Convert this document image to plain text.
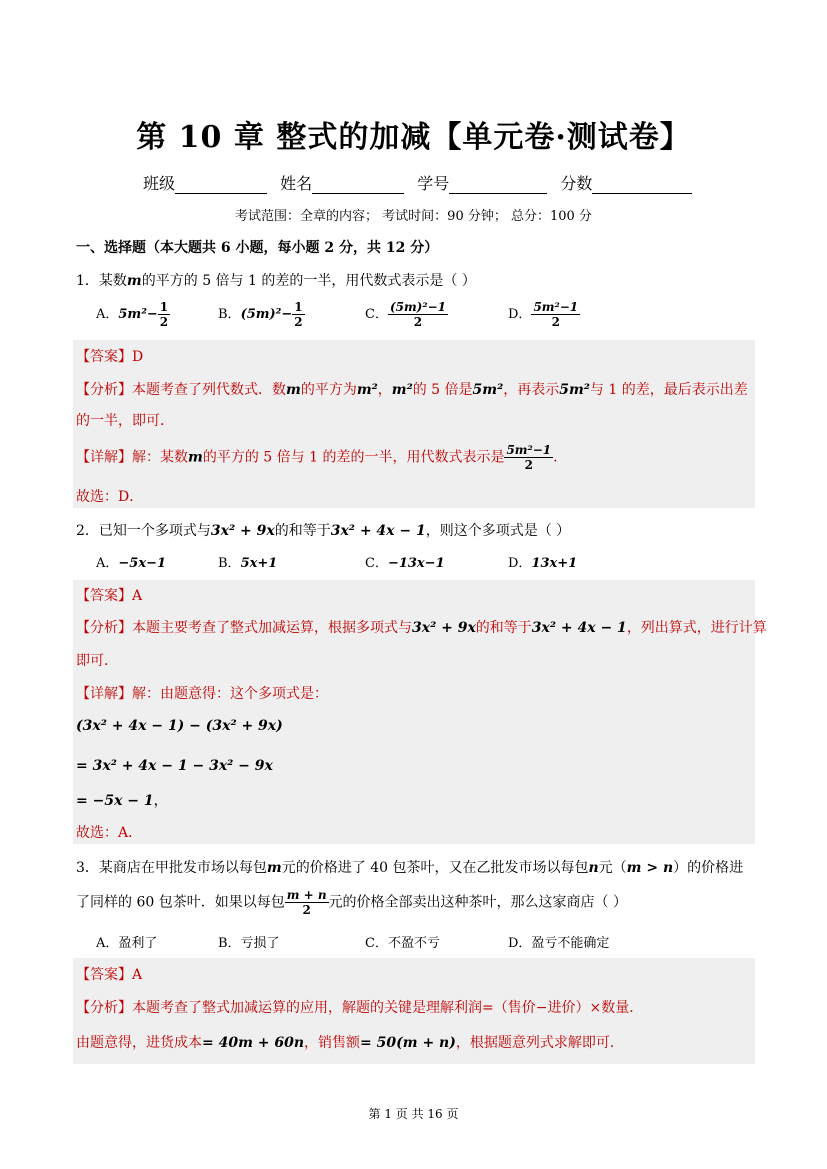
第 10 章 整式的加减【单元卷·测试卷】
班级	姓名	学号	分数
考试范围：全章的内容； 考试时间：90 分钟； 总分：100 分
一、选择题（本大题共 6 小题，每小题 2 分，共 12 分）
1．某数m的平方的 5 倍与 1 的差的一半，用代数式表示是（ ）
A．$5m^2- \frac{1}{2}$	B．$(5m)^2- \frac{1}{2}$	C． $\frac{\text{(5m)²−1}}{2}$	D． $\frac{\text{5m²−1}}{2}$
【答案】D
【分析】本题考查了列代数式．数m的平方为m²，m²的 5 倍是5m²，再表示5m²与 1 的差，最后表示出差
的一半，即可．
【详解】解：某数m的平方的 5 倍与 1 的差的一半，用代数式表示是 $\frac{\text{5m²−1}}{2}$ .
故选：D．
2．已知一个多项式与3x² + 9x的和等于3x² + 4x − 1，则这个多项式是（ ）
A．−5x−1	B．5x+1	C．−13x−1	D．13x+1
【答案】A
【分析】本题主要考查了整式加减运算，根据多项式与3x² + 9x的和等于3x² + 4x − 1，列出算式，进行计算
即可．
【详解】解：由题意得：这个多项式是：
(3x² + 4x − 1) − (3x² + 9x)
= 3x² + 4x − 1 − 3x² − 9x
= −5x − 1，
故选：A．
3．某商店在甲批发市场以每包m元的价格进了 40 包茶叶，又在乙批发市场以每包n元（m > n）的价格进
了同样的 60 包茶叶．如果以每包 $\frac{m + n}{2}$ 元的价格全部卖出这种茶叶，那么这家商店（ ）
A．盈利了	B．亏损了	C．不盈不亏	D．盈亏不能确定
【答案】A
【分析】本题考查了整式加减运算的应用，解题的关键是理解利润=（售价−进价）×数量．
由题意得，进货成本= 40m + 60n，销售额= 50(m + n)，根据题意列式求解即可．
第 1 页 共 16 页
